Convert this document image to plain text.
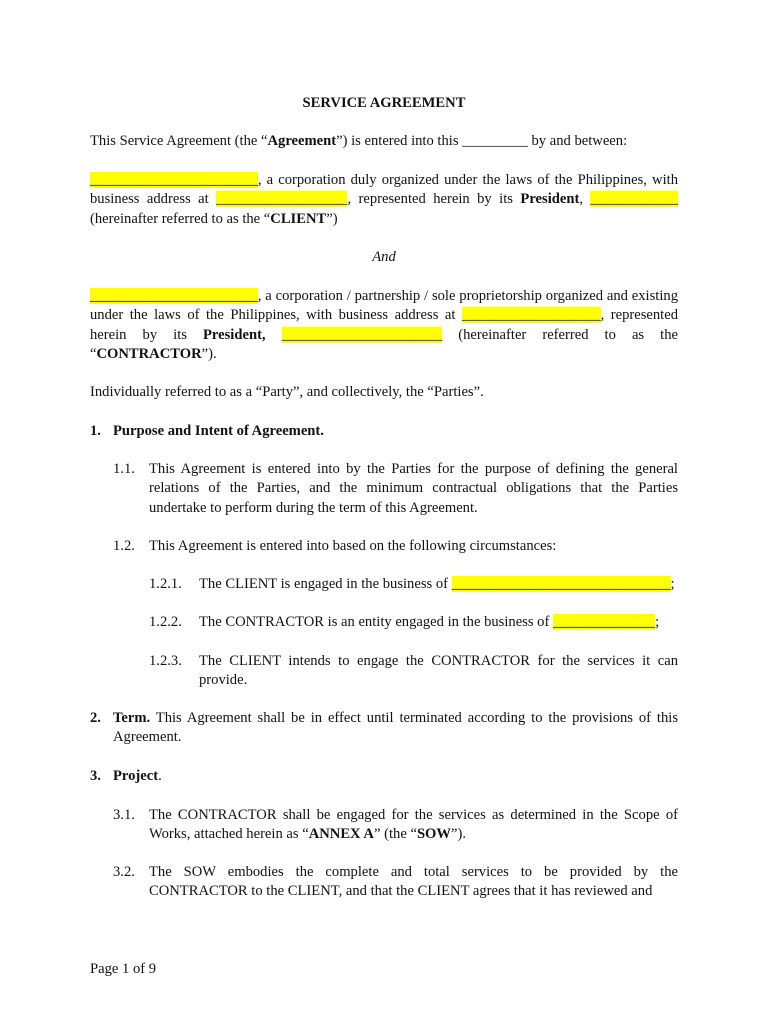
SERVICE AGREEMENT

This Service Agreement (the “Agreement”) is entered into this _________ by and between:

_______________________, a corporation duly organized under the laws of the Philippines, with business address at __________________, represented herein by its President, ____________ (hereinafter referred to as the “CLIENT”)

And

_______________________, a corporation / partnership / sole proprietorship organized and existing under the laws of the Philippines, with business address at ___________________, represented herein by its President, ______________________ (hereinafter referred to as the “CONTRACTOR”).

Individually referred to as a “Party”, and collectively, the “Parties”.

1. Purpose and Intent of Agreement.

1.1. This Agreement is entered into by the Parties for the purpose of defining the general relations of the Parties, and the minimum contractual obligations that the Parties undertake to perform during the term of this Agreement.

1.2. This Agreement is entered into based on the following circumstances:

1.2.1. The CLIENT is engaged in the business of ______________________________;

1.2.2. The CONTRACTOR is an entity engaged in the business of ______________;

1.2.3. The CLIENT intends to engage the CONTRACTOR for the services it can provide.

2. Term. This Agreement shall be in effect until terminated according to the provisions of this Agreement.

3. Project.

3.1. The CONTRACTOR shall be engaged for the services as determined in the Scope of Works, attached herein as “ANNEX A” (the “SOW”).

3.2. The SOW embodies the complete and total services to be provided by the CONTRACTOR to the CLIENT, and that the CLIENT agrees that it has reviewed and

Page 1 of 9
